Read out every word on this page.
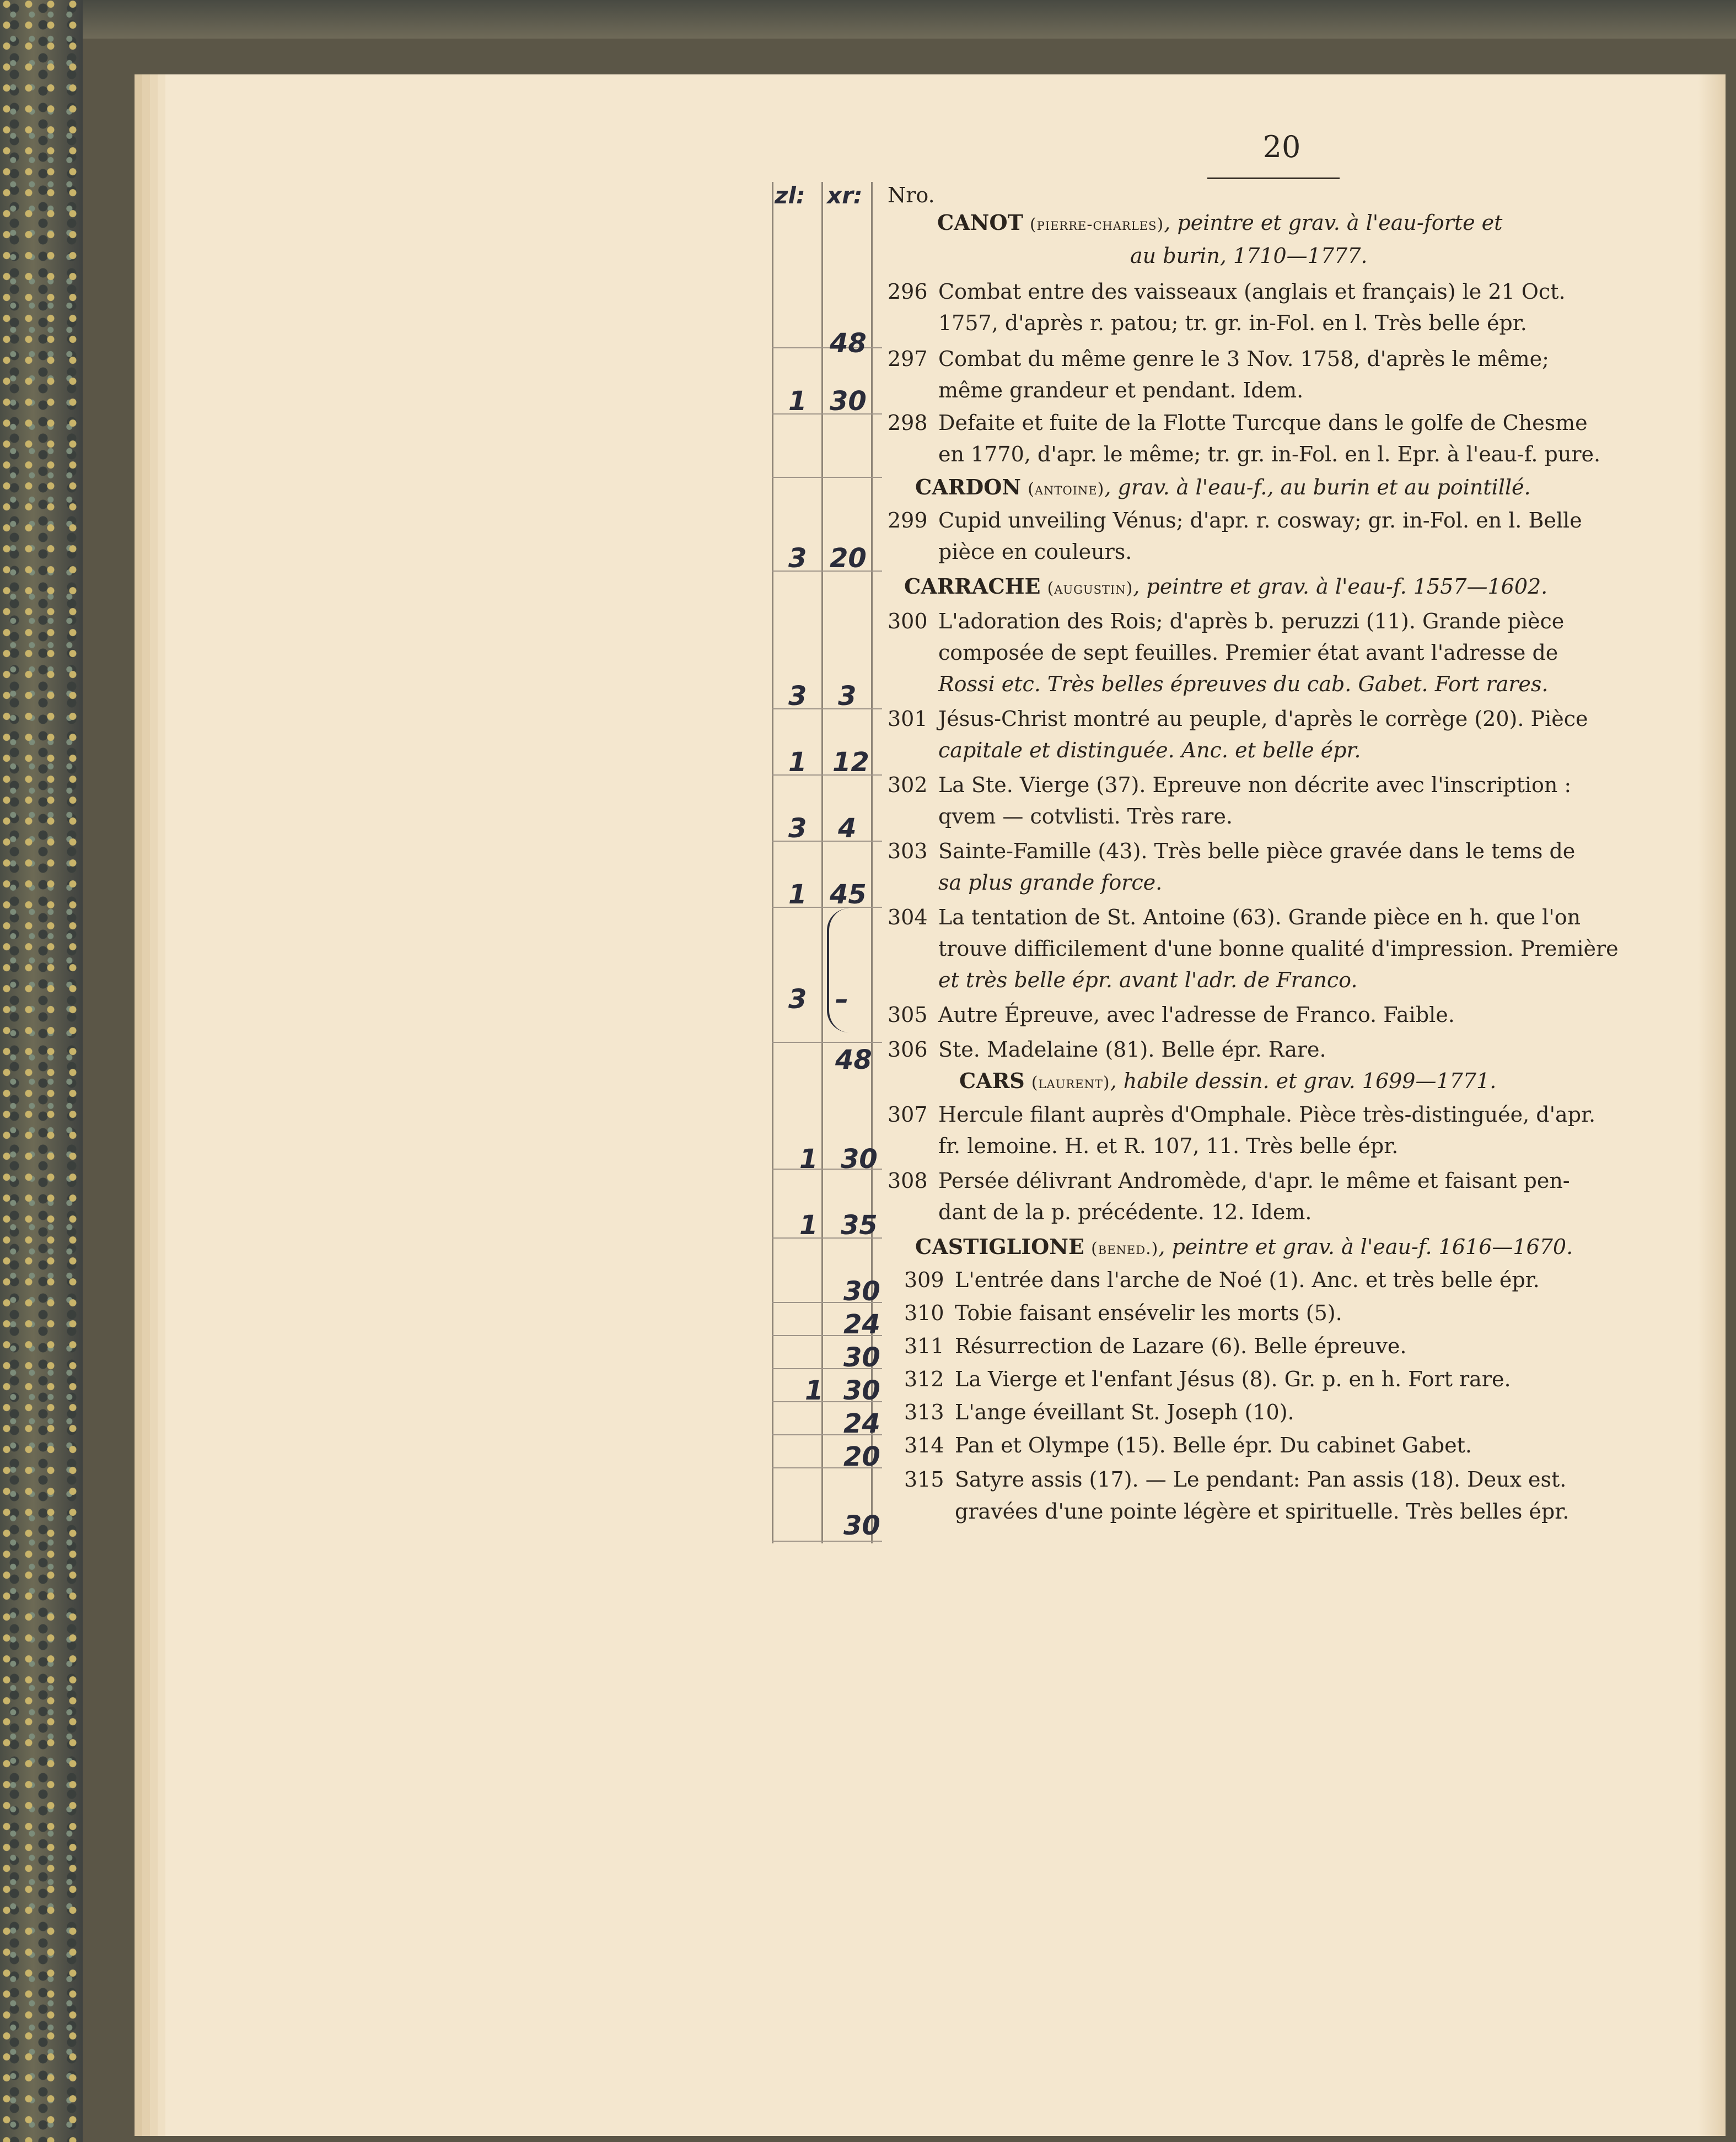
20
zl: xr:
48
1 30
3 20
3 3
1 12
3 4
1 45
3 –
48
1 30
1 35
30
24
30
1 30
24
20
30
Nro.
CANOT (pierre-charles), peintre et grav. à l'eau-forte et
au burin, 1710—1777.
296 Combat entre des vaisseaux (anglais et français) le 21 Oct.
1757, d'après r. patou; tr. gr. in-Fol. en l. Très belle épr.
297 Combat du même genre le 3 Nov. 1758, d'après le même;
même grandeur et pendant. Idem.
298 Defaite et fuite de la Flotte Turcque dans le golfe de Chesme
en 1770, d'apr. le même; tr. gr. in-Fol. en l. Epr. à l'eau-f. pure.
CARDON (antoine), grav. à l'eau-f., au burin et au pointillé.
299 Cupid unveiling Vénus; d'apr. r. cosway; gr. in-Fol. en l. Belle
pièce en couleurs.
CARRACHE (augustin), peintre et grav. à l'eau-f. 1557—1602.
300 L'adoration des Rois; d'après b. peruzzi (11). Grande pièce
composée de sept feuilles. Premier état avant l'adresse de
Rossi etc. Très belles épreuves du cab. Gabet. Fort rares.
301 Jésus-Christ montré au peuple, d'après le corrège (20). Pièce
capitale et distinguée. Anc. et belle épr.
302 La Ste. Vierge (37). Epreuve non décrite avec l'inscription :
qvem — cotvlisti. Très rare.
303 Sainte-Famille (43). Très belle pièce gravée dans le tems de
sa plus grande force.
304 La tentation de St. Antoine (63). Grande pièce en h. que l'on
trouve difficilement d'une bonne qualité d'impression. Première
et très belle épr. avant l'adr. de Franco.
305 Autre Épreuve, avec l'adresse de Franco. Faible.
306 Ste. Madelaine (81). Belle épr. Rare.
CARS (laurent), habile dessin. et grav. 1699—1771.
307 Hercule filant auprès d'Omphale. Pièce très-distinguée, d'apr.
fr. lemoine. H. et R. 107, 11. Très belle épr.
308 Persée délivrant Andromède, d'apr. le même et faisant pen-
dant de la p. précédente. 12. Idem.
CASTIGLIONE (bened.), peintre et grav. à l'eau-f. 1616—1670.
309 L'entrée dans l'arche de Noé (1). Anc. et très belle épr.
310 Tobie faisant ensévelir les morts (5).
311 Résurrection de Lazare (6). Belle épreuve.
312 La Vierge et l'enfant Jésus (8). Gr. p. en h. Fort rare.
313 L'ange éveillant St. Joseph (10).
314 Pan et Olympe (15). Belle épr. Du cabinet Gabet.
315 Satyre assis (17). — Le pendant: Pan assis (18). Deux est.
gravées d'une pointe légère et spirituelle. Très belles épr.
